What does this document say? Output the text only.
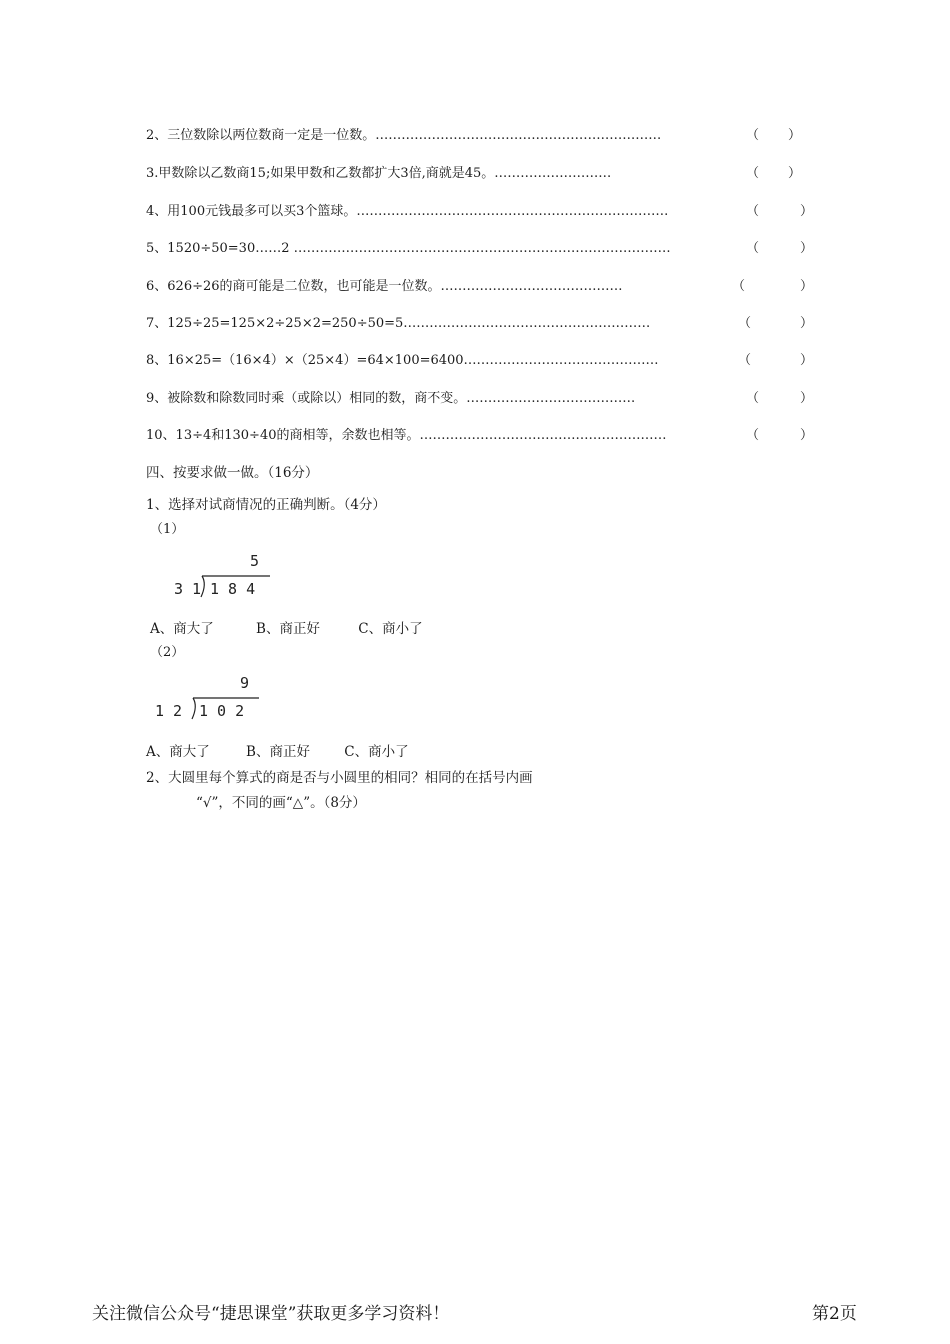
2、三位数除以两位数商一定是一位数。…………………………………………………………	（ ）
3.甲数除以乙数商15;如果甲数和乙数都扩大3倍,商就是45。………………………	（ ）
4、用100元钱最多可以买3个篮球。………………………………………………………………	（	）
5、1520÷50=30……2 ……………………………………………………………………………	（	）
6、626÷26的商可能是二位数，也可能是一位数。……………………………………	（	）
7、125÷25=125×2÷25×2=250÷50=5…………………………………………………	（	）
8、16×25=（16×4）×（25×4）=64×100=6400………………………………………	（	）
9、被除数和除数同时乘（或除以）相同的数，商不变。…………………………………	（	）
10、13÷4和130÷40的商相等，余数也相等。…………………………………………………	（	）
四、按要求做一做。（16分）
1、选择对试商情况的正确判断。（4分）
（1）
5
3 1 1 8 4
A、商大了	B、商正好	C、商小了
（2）
9
1 2 1 0 2
A、商大了	B、商正好	C、商小了
2、大圆里每个算式的商是否与小圆里的相同？相同的在括号内画
“√”，不同的画“△”。（8分）
关注微信公众号“捷思课堂”获取更多学习资料！	第2页
